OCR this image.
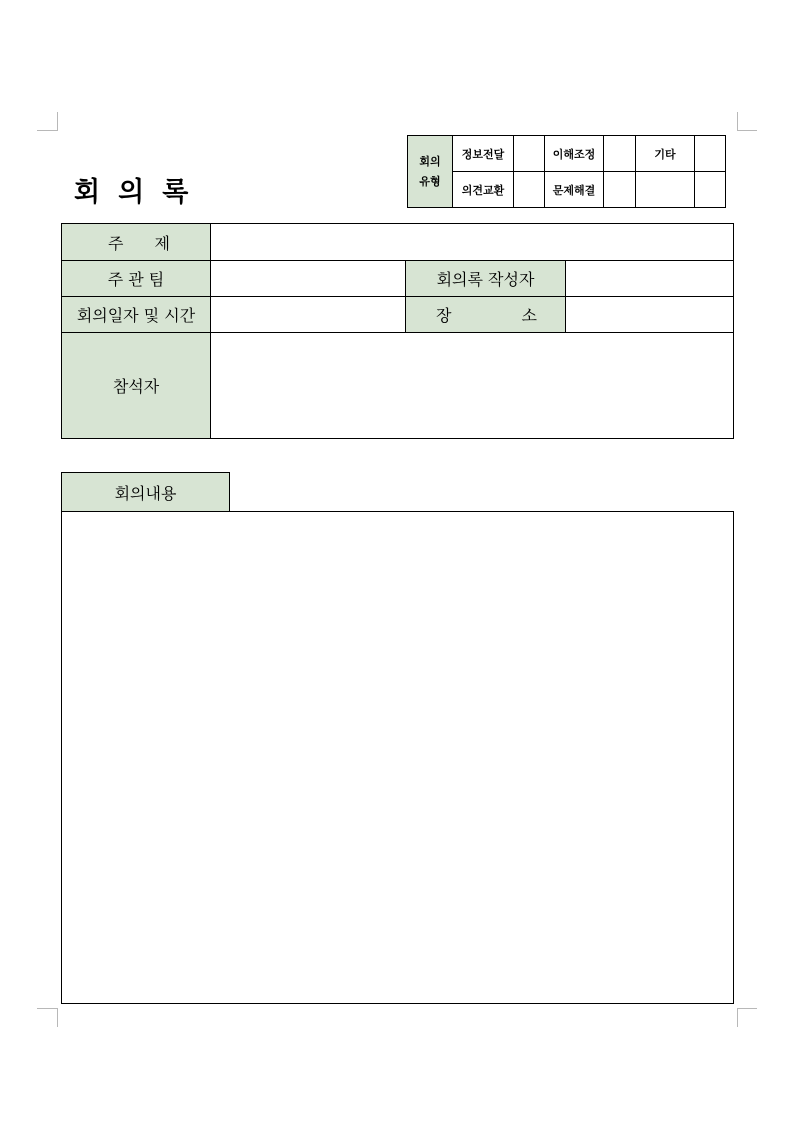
회 의 록
회의
유형	정보전달		이해조정		기타	
	의견교환		문제해결			
주 제			

주 관 팀		회의록 작성자	
회의일자 및 시간		장 소	

참석자			
회의내용
